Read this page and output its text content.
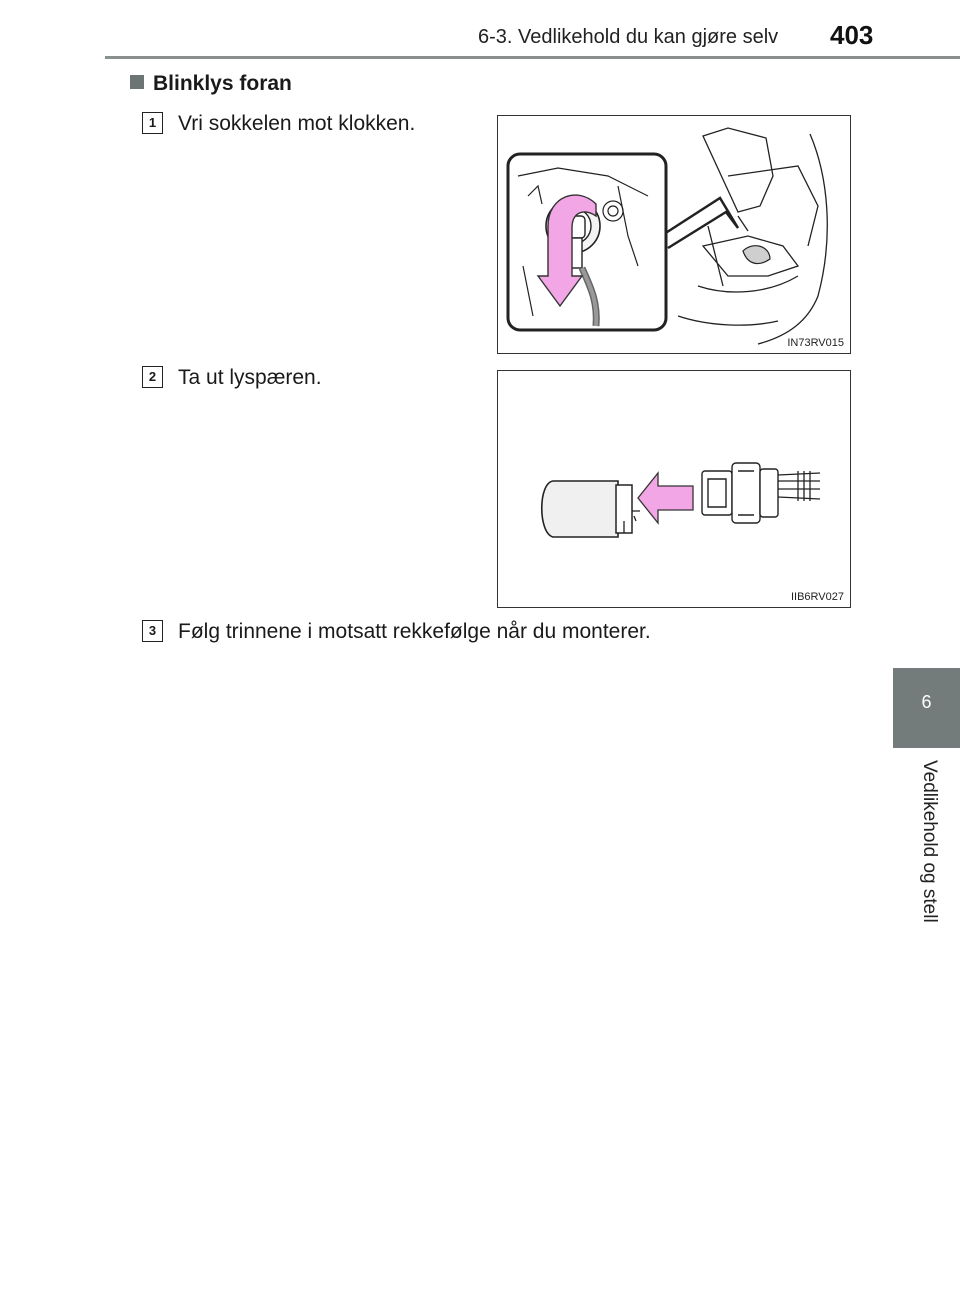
6-3. Vedlikehold du kan gjøre selv 403
6
Vedlikehold og stell
Blinklys foran
1	Vri sokkelen mot klokken.
IN73RV015
2	Ta ut lyspæren.
IIB6RV027
3	Følg trinnene i motsatt rekkefølge når du monterer.
